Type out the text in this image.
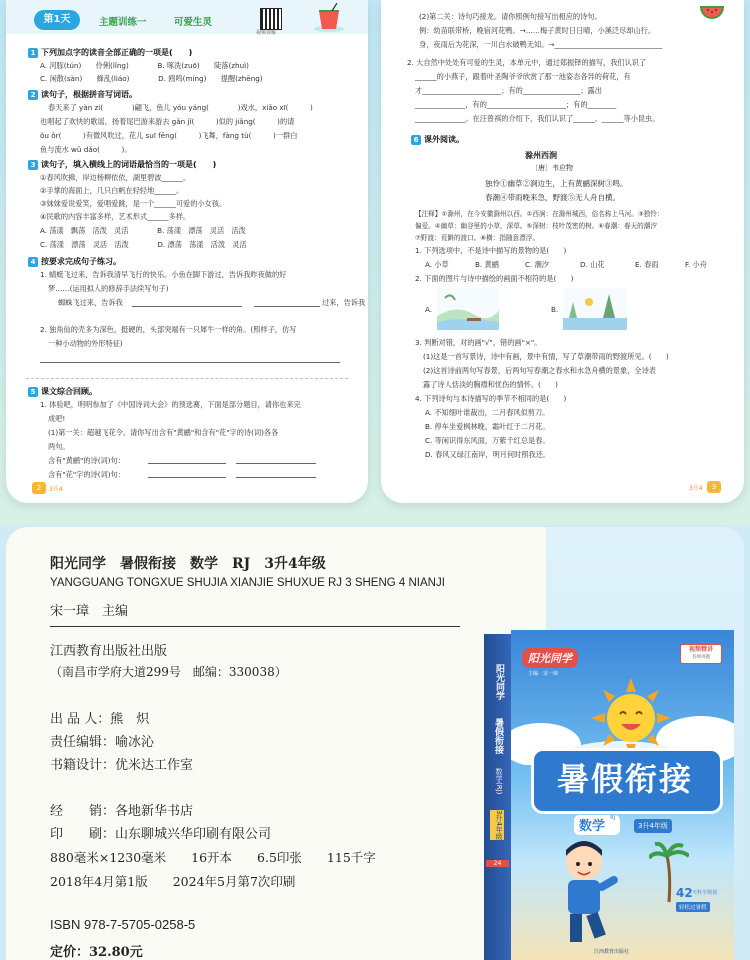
第1天	主题训练一	可爱生灵
视频讲解
1 下列加点字的读音全部正确的一项是(　　)
A. 河豚(tún)　　伶俐(lǐng)　　　　B. 啄洗(zuō)　　陡落(zhuì)
C. 闲散(sàn)　　蜂乱(liáo)　　　　D. 鸥鸣(míng)　　提醒(zhēng)
2 读句子，根据拼音写词语。
春天来了 yàn zi(　　　　)翩飞，鱼儿 yóu yáng(　　　　)戏水，xiǎo xī(　　　)
也唱起了欢快的歌谣，扬着尾巴游来游去 gǎn jǐ(　　　)似的 jiǎng(　　　)的请
ǒu ǒr(　　　)有微风吹过，花儿 suī fēng(　　　)飞舞，fàng tù(　　　)一群白
鱼与流水 wǔ dǎo(　　　)。
3 读句子，填入横线上的词语最恰当的一项是(　　)
①春风吹拂，岸边杨柳依依，湖里碧波______。
②手掌的海面上，几只白帆在轻轻地______。
③妹妹爱说爱笑，爱唱爱跳，是一个______可爱的小女孩。
④民歌的内容丰富多样，艺术形式______多样。
A. 荡漾　飘荡　活泼　灵活　　　　B. 荡漾　漂荡　灵活　活泼
C. 荡漾　漂荡　灵活　活泼　　　　D. 漂荡　荡漾　活泼　灵活
4 按要求完成句子练习。
1. 蜻蜓飞过来，告诉我清早飞行的快乐。小鱼在脚下游过，告诉我昨夜做的好
梦……(运用拟人的修辞手法续写句子)
蜘蛛飞过来，告诉我	过来，告诉我
2. 独角仙的壳多为深色，挺硬的，头部突端有一只犀牛一样的角。(照样子，仿写
一种小动物的外形特征)
5 课文综合回顾。
1. 体验吧，明明参加了《中国诗词大会》的预选赛，下面是部分题目，请你也来完
成吧!
(1)第一关：超越飞花令。请你写出含有"黄鹂"和含有"花"字的诗(词)各各
两句。
含有"黄鹂"的诗(词)句：
含有"花"字的诗(词)句：
2	3升4
(2)第二关：诗句巧接龙。请你照例句接写出相应的诗句。
例：幼苗联带桥，晚宿河花鸭。→……梅子黄时日日晴，小溪泛尽却山行。
身，夜雨后为花深，一川白水破鸭无知。→______________________________
2. 大自然中处处有可爱的生灵，本单元中，通过郑振铎的描写，我们认识了
______的小燕子，跟着叶圣陶爷爷欣赏了那一池姿态各异的荷花，有
才______________________；有的________________；露出
______________，有的______________________；有的________
______________。在汪曾祺的介绍下，我们认识了______、______等小昆虫。
6 课外阅读。
滁州西涧
〔唐〕韦应物
独怜①幽草②涧边生，上有黄鹂深树③鸣。
春潮④带雨晚来急，野渡⑤无人舟自横。
【注释】①滁州，在今安徽滁州以西。②西涧：在滁州城西，俗名称上马河。③独怜：
偏爱。④幽草：幽谷里的小草，深草。⑤深树：枝叶茂密的树。⑥春潮：春天的潮汐
⑦野渡：荒僻的渡口。⑧横：指随意漂浮。
1. 下列选项中，不是诗中描写的景物的是(　　)
A. 小草	B. 黄鹂	C. 潮汐	D. 山花	E. 春雨	F. 小舟
2. 下面的图片与诗中描绘的画面不相符的是(　　)
A.	B.
3. 判断对错，对的画"√"，错的画"×"。
(1)这是一首写景诗，诗中有画，景中有情，写了草潮带雨的野渡所见。(　　)
(2)这首诗前两句写春景，后两句写春潮之春水和水急舟横的景象，全诗表
露了诗人恬淡的胸襟和忧伤的情怀。(　　)
4. 下列诗句与本诗描写的季节不相同的是(　　)
A. 不知细叶谁裁出，二月春风似剪刀。
B. 停车坐爱枫林晚，霜叶红于二月花。
C. 等闲识得东风面，万紫千红总是春。
D. 春风又绿江南岸，明月何时照我还。
3升4	3
阳光同学　暑假衔接　数学　RJ　3升4年级
YANGGUANG TONGXUE SHUJIA XIANJIE SHUXUE RJ 3 SHENG 4 NIANJI
宋一璋　主编
江西教育出版社出版
（南昌市学府大道299号　邮编：330038）
出 品 人：熊　炽
责任编辑：喻冰沁
书籍设计：优米达工作室
经　　销：各地新华书店
印　　刷：山东聊城兴华印刷有限公司
880毫米×1230毫米　　16开本　　6.5印张　　115千字
2018年4月第1版　　2024年5月第7次印刷
ISBN 978-7-5705-0258-5
定价：32.80元
阳光同学
暑假衔接
数学(RJ)
3升4年级
24
阳光同学
主编　宋一璋
视频精讲
名师讲题
暑假衔接
数学 $^{RJ}$
3升4年级
42 天科学规划
轻松过暑假
江西教育出版社
